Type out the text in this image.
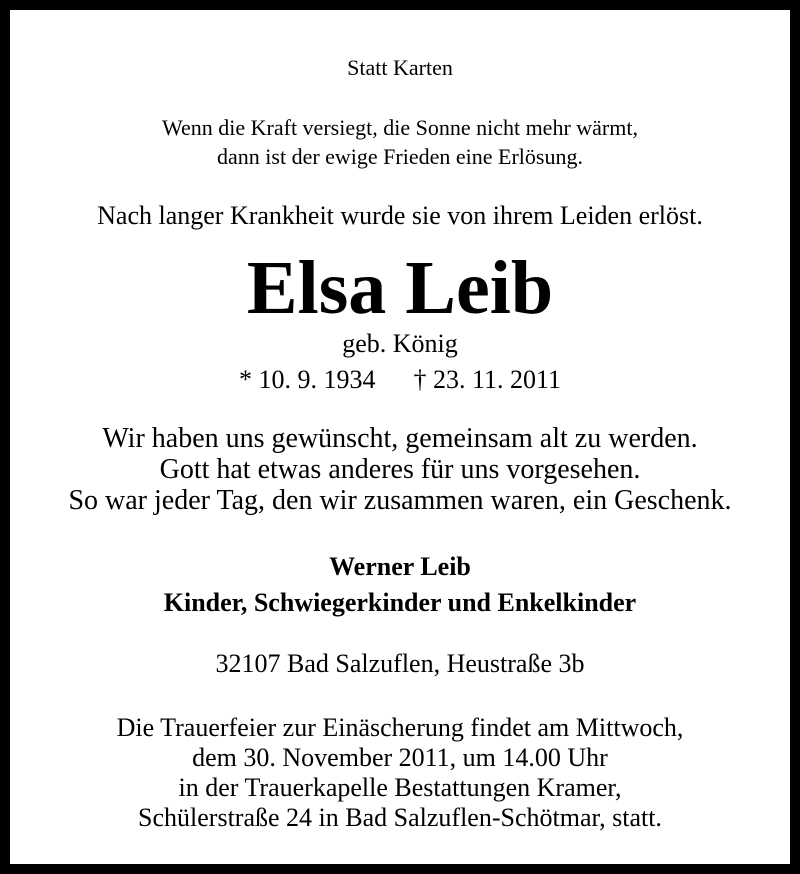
Statt Karten
Wenn die Kraft versiegt, die Sonne nicht mehr wärmt,
dann ist der ewige Frieden eine Erlösung.
Nach langer Krankheit wurde sie von ihrem Leiden erlöst.
Elsa Leib
geb. König
* 10. 9. 1934 † 23. 11. 2011
Wir haben uns gewünscht, gemeinsam alt zu werden.
Gott hat etwas anderes für uns vorgesehen.
So war jeder Tag, den wir zusammen waren, ein Geschenk.
Werner Leib
Kinder, Schwiegerkinder und Enkelkinder
32107 Bad Salzuflen, Heustraße 3b
Die Trauerfeier zur Einäscherung findet am Mittwoch,
dem 30. November 2011, um 14.00 Uhr
in der Trauerkapelle Bestattungen Kramer,
Schülerstraße 24 in Bad Salzuflen-Schötmar, statt.
